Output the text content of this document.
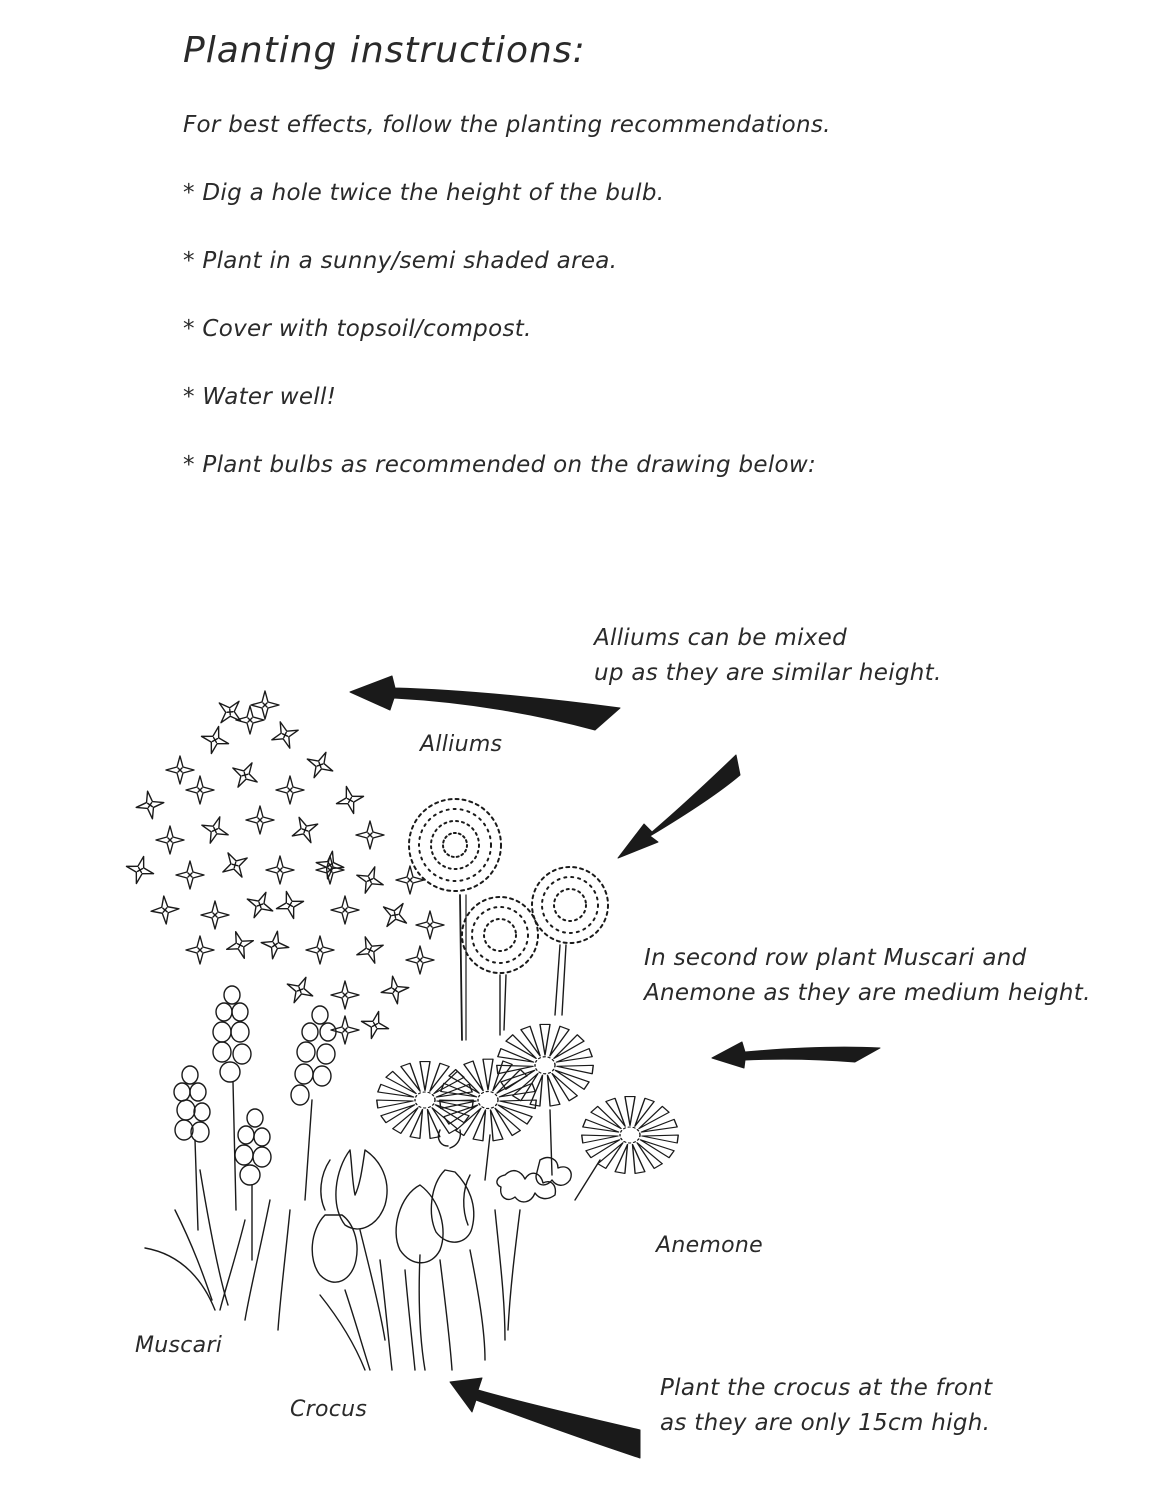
Planting instructions:
For best effects, follow the planting recommendations.
* Dig a hole twice the height of the bulb.
* Plant in a sunny/semi shaded area.
* Cover with topsoil/compost.
* Water well!
* Plant bulbs as recommended on the drawing below:
Alliums can be mixed
up as they are similar height.
Alliums
In second row plant Muscari and
Anemone as they are medium height.
Anemone
Muscari
Crocus
Plant the crocus at the front
as they are only 15cm high.
